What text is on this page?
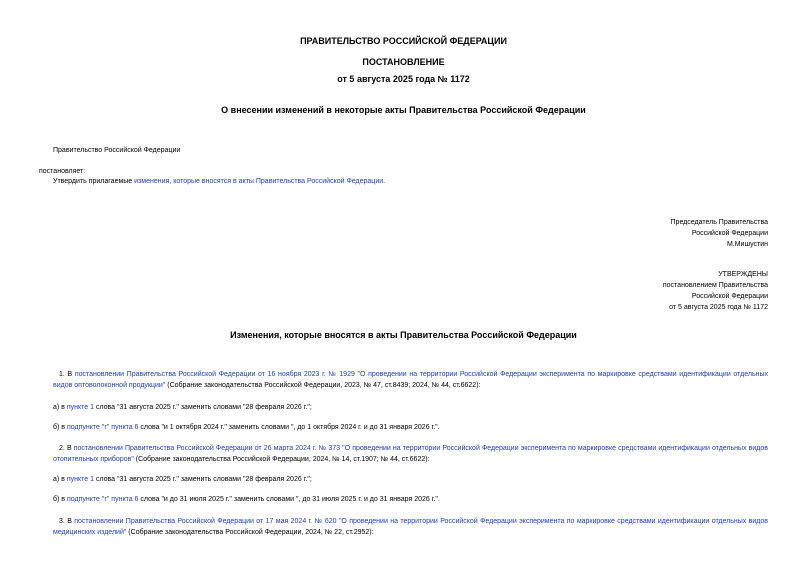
ПРАВИТЕЛЬСТВО РОССИЙСКОЙ ФЕДЕРАЦИИ
ПОСТАНОВЛЕНИЕ
от 5 августа 2025 года № 1172
О внесении изменений в некоторые акты Правительства Российской Федерации
Правительство Российской Федерации
постановляет:
Утвердить прилагаемые изменения, которые вносятся в акты Правительства Российской Федерации.
Председатель Правительства
Российской Федерации
М.Мишустин
УТВЕРЖДЕНЫ
постановлением Правительства
Российской Федерации
от 5 августа 2025 года № 1172
Изменения, которые вносятся в акты Правительства Российской Федерации
1. В постановлении Правительства Российской Федерации от 16 ноября 2023 г. № 1929 "О проведении на территории Российской Федерации эксперимента по маркировке средствами идентификации отдельных видов оптоволоконной продукции" (Собрание законодательства Российской Федерации, 2023, № 47, ст.8439; 2024, № 44, ст.6622):
а) в пункте 1 слова "31 августа 2025 г." заменить словами "28 февраля 2026 г.";
б) в подпункте "г" пункта 6 слова "и 1 октября 2024 г." заменить словами ", до 1 октября 2024 г. и до 31 января 2026 г.".
2. В постановлении Правительства Российской Федерации от 26 марта 2024 г. № 373 "О проведении на территории Российской Федерации эксперимента по маркировке средствами идентификации отдельных видов отопительных приборов" (Собрание законодательства Российской Федерации, 2024, № 14, ст.1907; № 44, ст.6622):
а) в пункте 1 слова "31 августа 2025 г." заменить словами "28 февраля 2026 г.";
б) в подпункте "г" пункта 6 слова "и до 31 июля 2025 г." заменить словами ", до 31 июля 2025 г. и до 31 января 2026 г.".
3. В постановлении Правительства Российской Федерации от 17 мая 2024 г. № 620 "О проведении на территории Российской Федерации эксперимента по маркировке средствами идентификации отдельных видов медицинских изделий" (Собрание законодательства Российской Федерации, 2024, № 22, ст.2952):
